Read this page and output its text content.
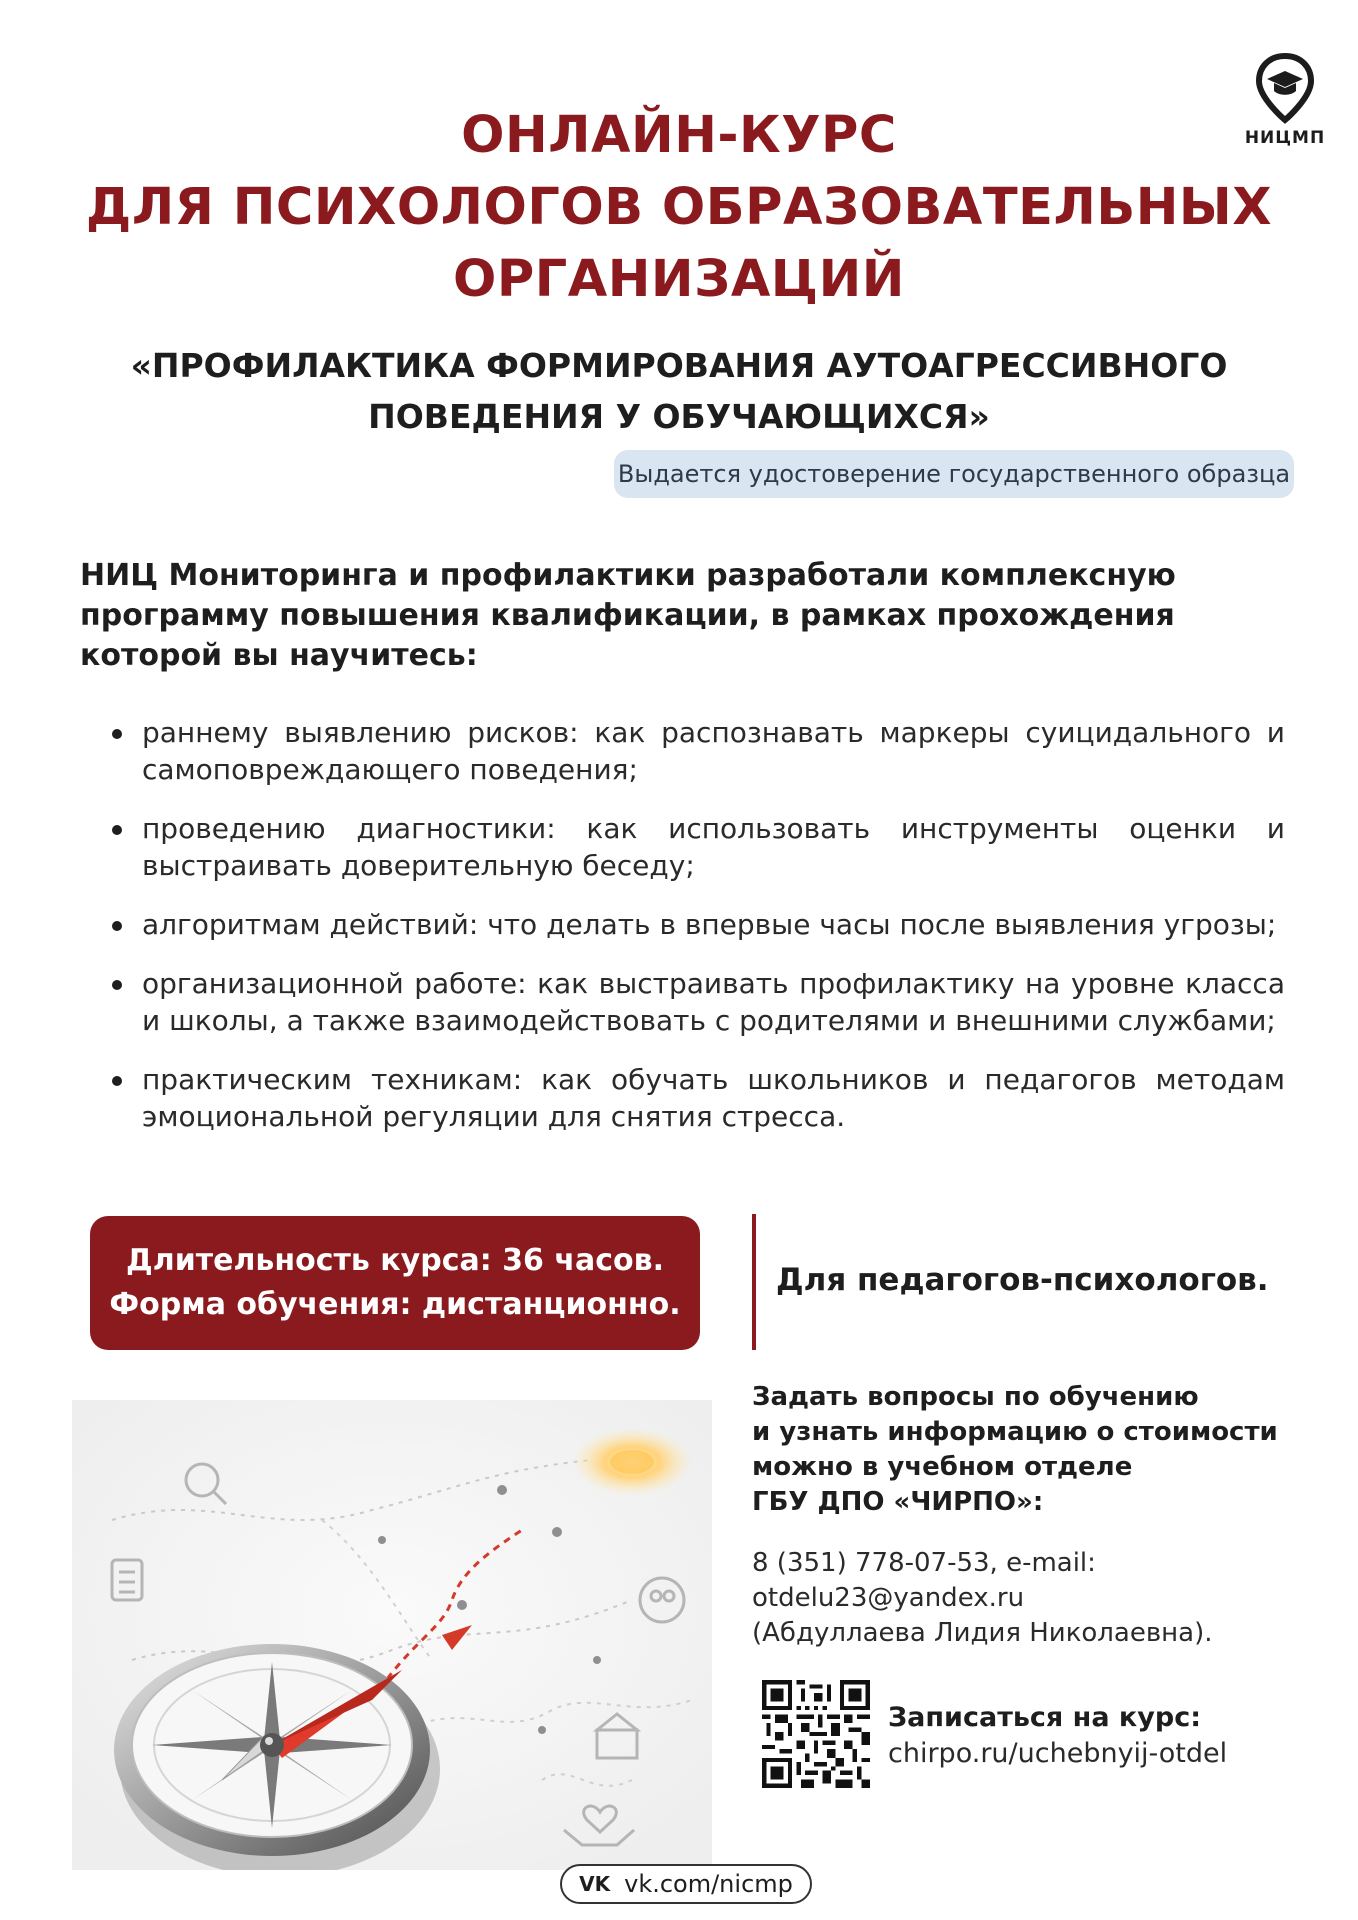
НИЦМП
ОНЛАЙН-КУРС
ДЛЯ ПСИХОЛОГОВ ОБРАЗОВАТЕЛЬНЫХ
ОРГАНИЗАЦИЙ
«ПРОФИЛАКТИКА ФОРМИРОВАНИЯ АУТОАГРЕССИВНОГО
ПОВЕДЕНИЯ У ОБУЧАЮЩИХСЯ»
Выдается удостоверение государственного образца
НИЦ Мониторинга и профилактики разработали комплексную программу повышения квалификации, в рамках прохождения которой вы научитесь:
раннему выявлению рисков: как распознавать маркеры суицидального и самоповреждающего поведения;
проведению диагностики: как использовать инструменты оценки и выстраивать доверительную беседу;
алгоритмам действий: что делать в впервые часы после выявления угрозы;
организационной работе: как выстраивать профилактику на уровне класса и школы, а также взаимодействовать с родителями и внешними службами;
практическим техникам: как обучать школьников и педагогов методам эмоциональной регуляции для снятия стресса.
Длительность курса: 36 часов.
Форма обучения: дистанционно.
Для педагогов-психологов.
Задать вопросы по обучению
и узнать информацию о стоимости
можно в учебном отделе
ГБУ ДПО «ЧИРПО»:
8 (351) 778-07-53, e-mail:
otdelu23@yandex.ru
(Абдуллаева Лидия Николаевна).
Записаться на курс:
chirpo.ru/uchebnyij-otdel
VK vk.com/nicmp
